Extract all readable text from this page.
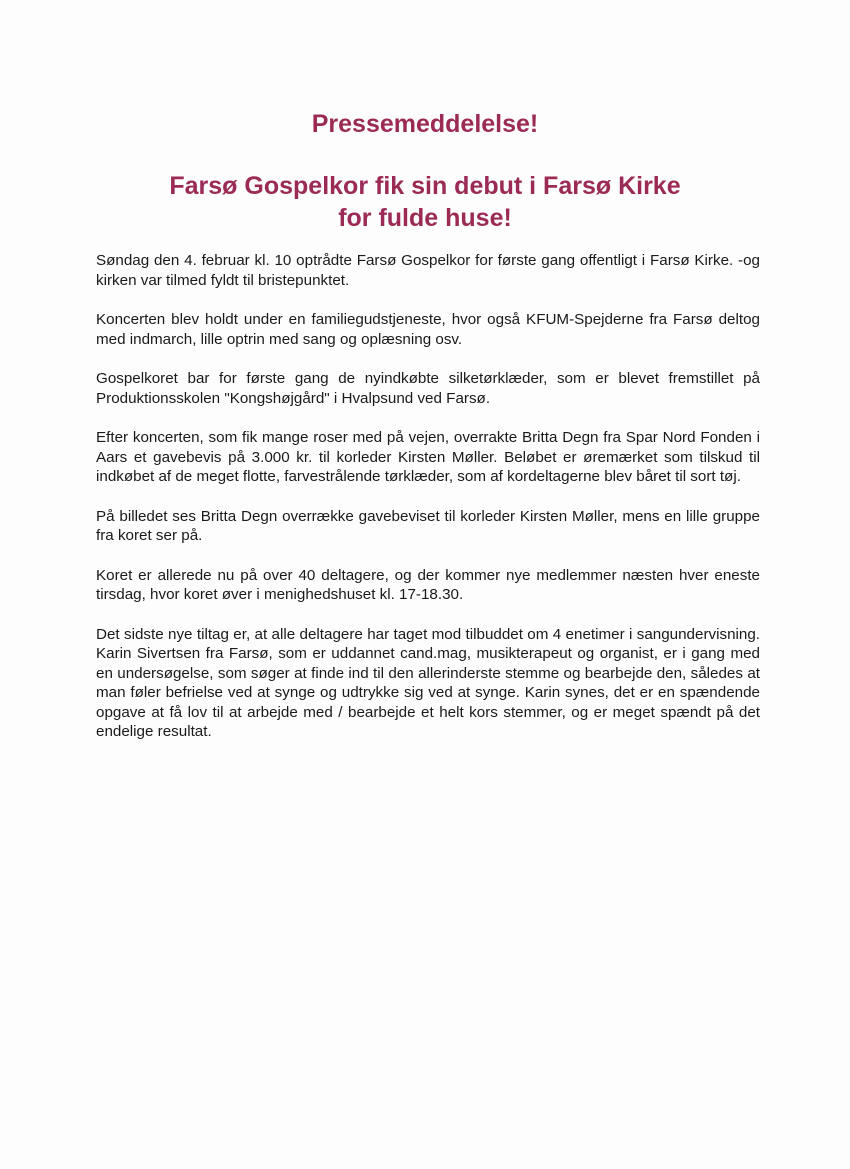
Pressemeddelelse!
Farsø Gospelkor fik sin debut i Farsø Kirke
for fulde huse!

Søndag den 4. februar kl. 10 optrådte Farsø Gospelkor for første gang offentligt i Farsø Kirke. -og kirken var tilmed fyldt til bristepunktet.

Koncerten blev holdt under en familiegudstjeneste, hvor også KFUM-Spejderne fra Farsø deltog med indmarch, lille optrin med sang og oplæsning osv.

Gospelkoret bar for første gang de nyindkøbte silketørklæder, som er blevet fremstillet på Produktionsskolen "Kongshøjgård" i Hvalpsund ved Farsø.

Efter koncerten, som fik mange roser med på vejen, overrakte Britta Degn fra Spar Nord Fonden i Aars et gavebevis på 3.000 kr. til korleder Kirsten Møller. Beløbet er øremærket som tilskud til indkøbet af de meget flotte, farvestrålende tørklæder, som af kordeltagerne blev båret til sort tøj.

På billedet ses Britta Degn overrække gavebeviset til korleder Kirsten Møller, mens en lille gruppe fra koret ser på.

Koret er allerede nu på over 40 deltagere, og der kommer nye medlemmer næsten hver eneste tirsdag, hvor koret øver i menighedshuset kl. 17-18.30.

Det sidste nye tiltag er, at alle deltagere har taget mod tilbuddet om 4 enetimer i sangundervisning. Karin Sivertsen fra Farsø, som er uddannet cand.mag, musikterapeut og organist, er i gang med en undersøgelse, som søger at finde ind til den allerinderste stemme og bearbejde den, således at man føler befrielse ved at synge og udtrykke sig ved at synge. Karin synes, det er en spændende opgave at få lov til at arbejde med / bearbejde et helt kors stemmer, og er meget spændt på det endelige resultat.
